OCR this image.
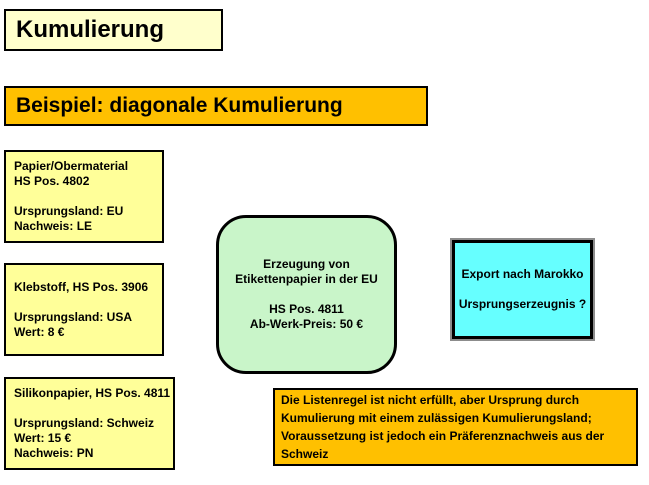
Kumulierung
Beispiel: diagonale Kumulierung
Papier/Obermaterial
HS Pos. 4802

Ursprungsland: EU
Nachweis: LE
Klebstoff, HS Pos. 3906

Ursprungsland: USA
Wert: 8 €
Silikonpapier, HS Pos. 4811

Ursprungsland: Schweiz
Wert: 15 €
Nachweis: PN
Erzeugung von
Etikettenpapier in der EU

HS Pos. 4811
Ab-Werk-Preis: 50 €
Export nach Marokko

Ursprungserzeugnis ?
Die Listenregel ist nicht erfüllt, aber Ursprung durch
Kumulierung mit einem zulässigen Kumulierungsland;
Voraussetzung ist jedoch ein Präferenznachweis aus der
Schweiz
